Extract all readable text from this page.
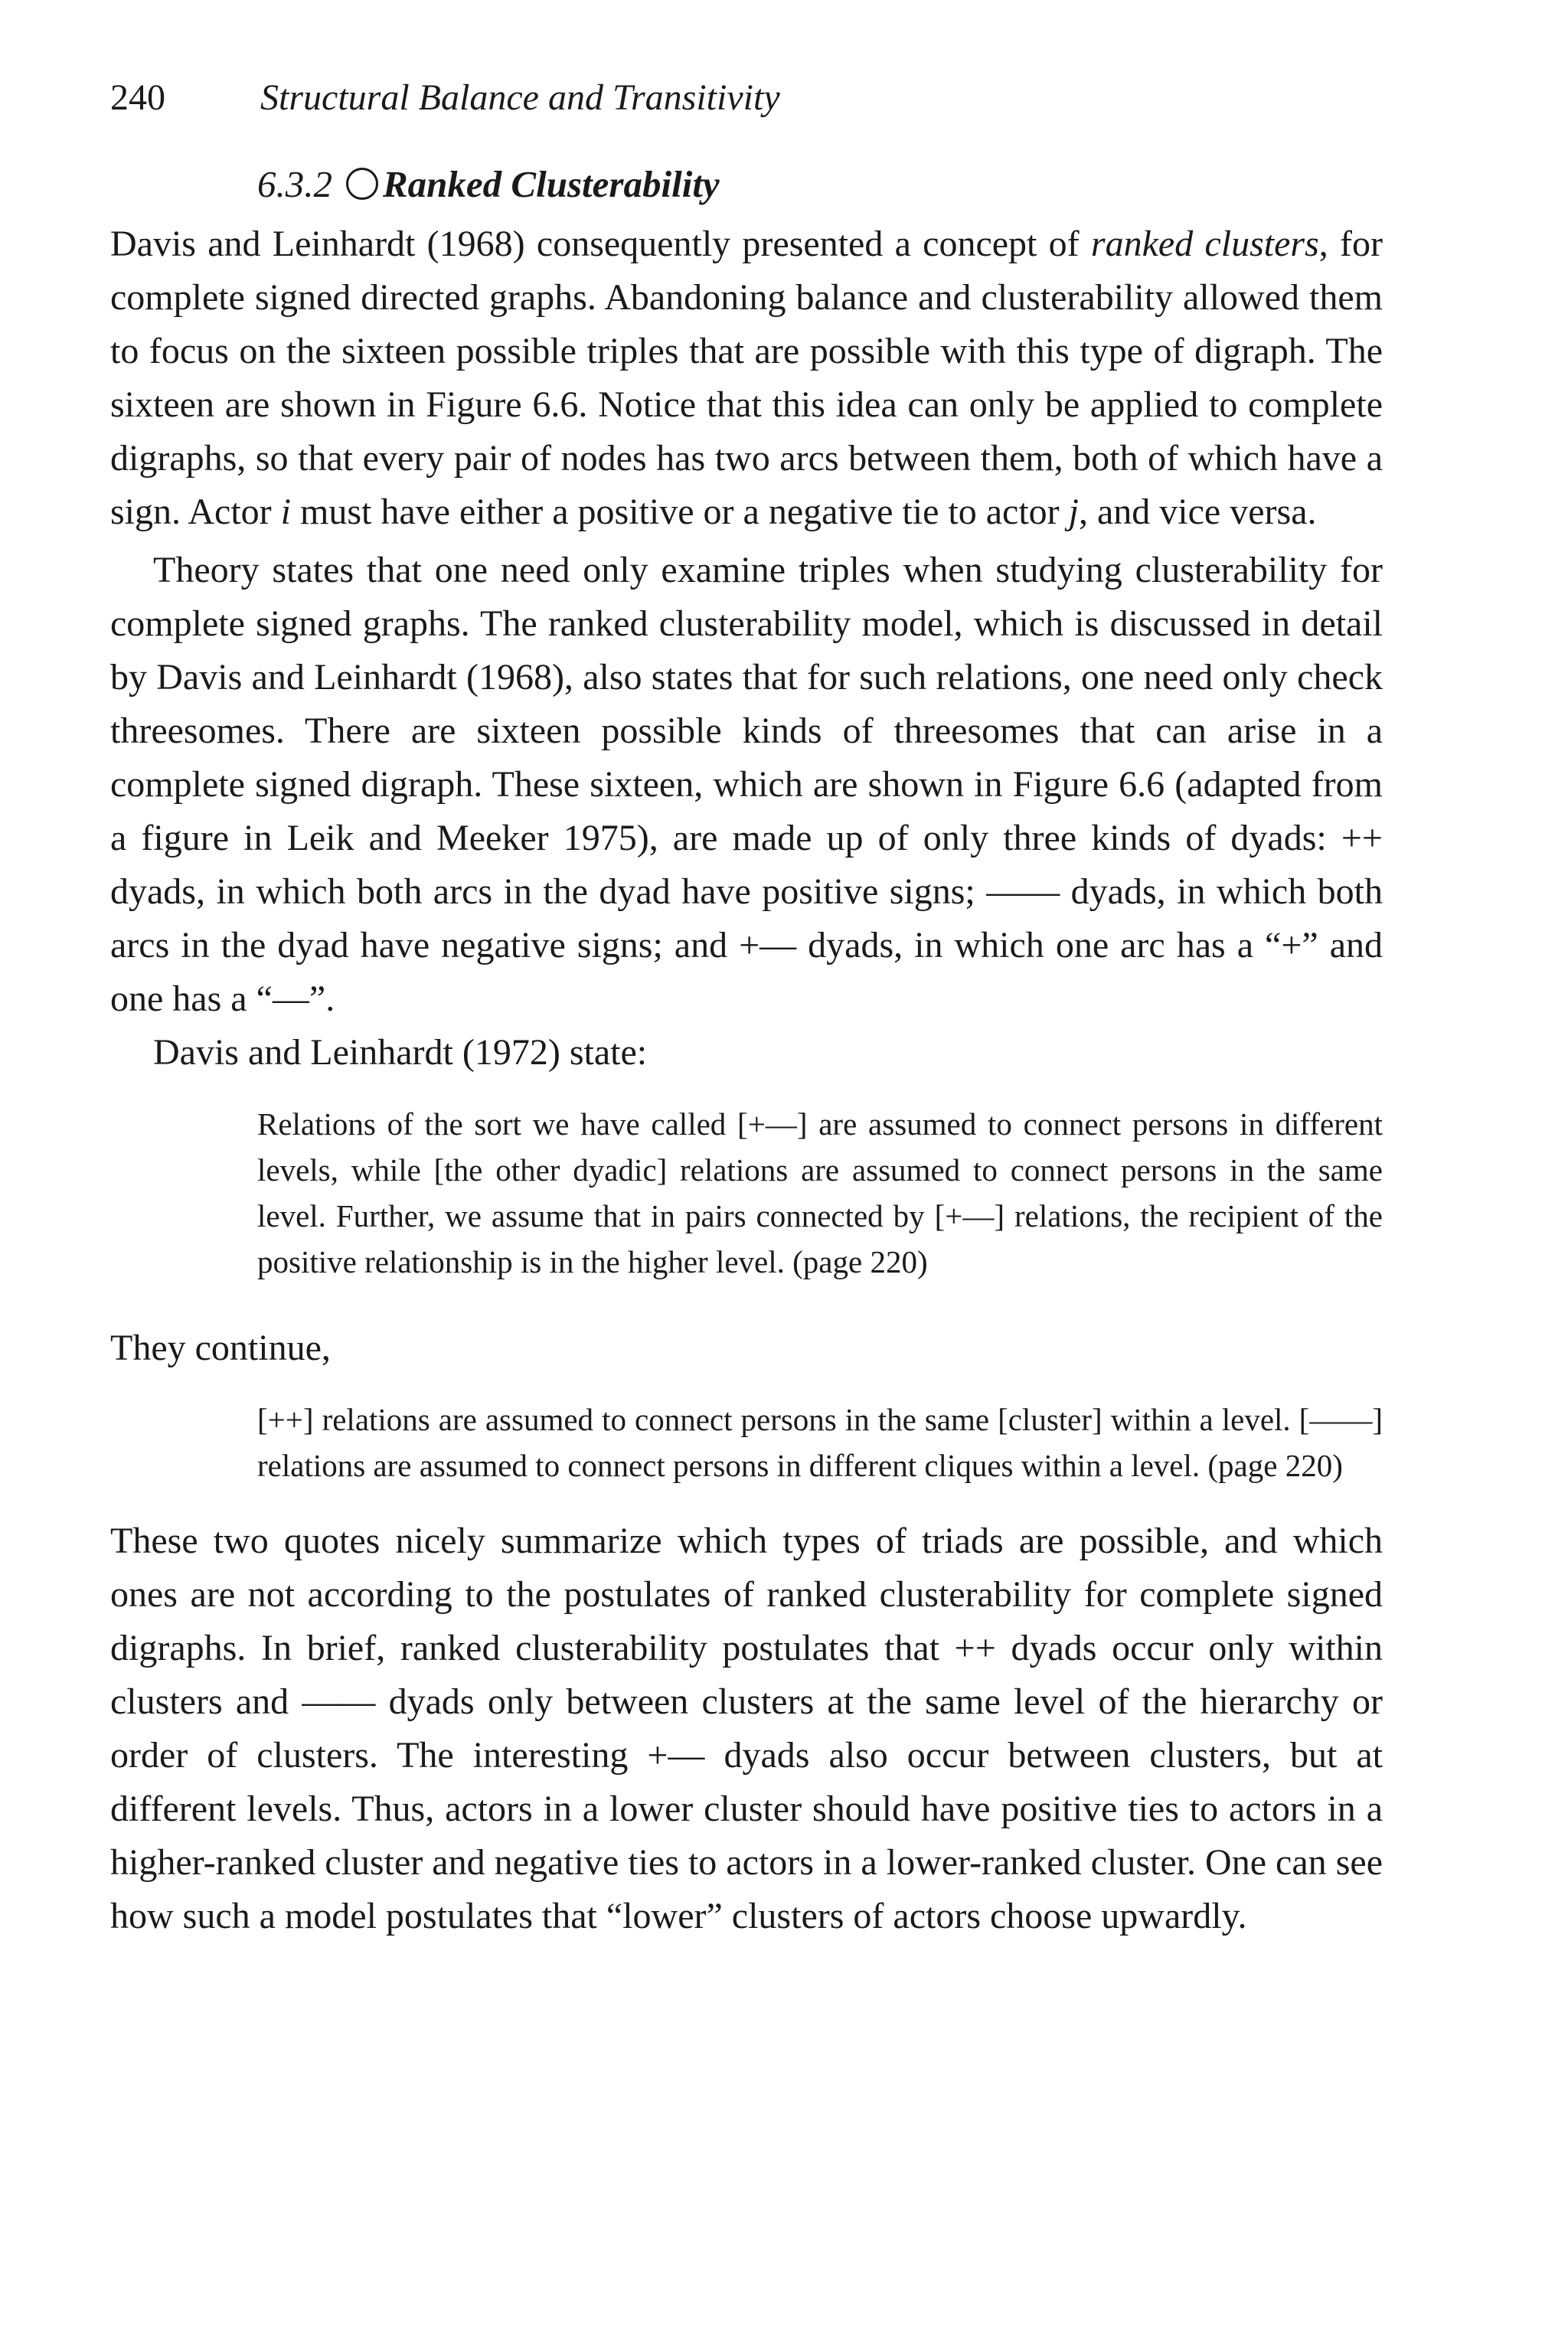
240	Structural Balance and Transitivity
6.3.2 Ranked Clusterability

Davis and Leinhardt (1968) consequently presented a concept of ranked clusters, for complete signed directed graphs. Abandoning balance and clusterability allowed them to focus on the sixteen possible triples that are possible with this type of digraph. The sixteen are shown in Figure 6.6. Notice that this idea can only be applied to complete digraphs, so that every pair of nodes has two arcs between them, both of which have a sign. Actor i must have either a positive or a negative tie to actor j, and vice versa.

Theory states that one need only examine triples when studying clusterability for complete signed graphs. The ranked clusterability model, which is discussed in detail by Davis and Leinhardt (1968), also states that for such relations, one need only check threesomes. There are sixteen possible kinds of threesomes that can arise in a complete signed digraph. These sixteen, which are shown in Figure 6.6 (adapted from a figure in Leik and Meeker 1975), are made up of only three kinds of dyads: ++ dyads, in which both arcs in the dyad have positive signs; —— dyads, in which both arcs in the dyad have negative signs; and +— dyads, in which one arc has a “+” and one has a “—”.

Davis and Leinhardt (1972) state:

Relations of the sort we have called [+—] are assumed to connect persons in different levels, while [the other dyadic] relations are assumed to connect persons in the same level. Further, we assume that in pairs connected by [+—] relations, the recipient of the positive relationship is in the higher level. (page 220)

They continue,

[++] relations are assumed to connect persons in the same [cluster] within a level. [——] relations are assumed to connect persons in different cliques within a level. (page 220)

These two quotes nicely summarize which types of triads are possible, and which ones are not according to the postulates of ranked clusterability for complete signed digraphs. In brief, ranked clusterability postulates that ++ dyads occur only within clusters and —— dyads only between clusters at the same level of the hierarchy or order of clusters. The interesting +— dyads also occur between clusters, but at different levels. Thus, actors in a lower cluster should have positive ties to actors in a higher-ranked cluster and negative ties to actors in a lower-ranked cluster. One can see how such a model postulates that “lower” clusters of actors choose upwardly.
